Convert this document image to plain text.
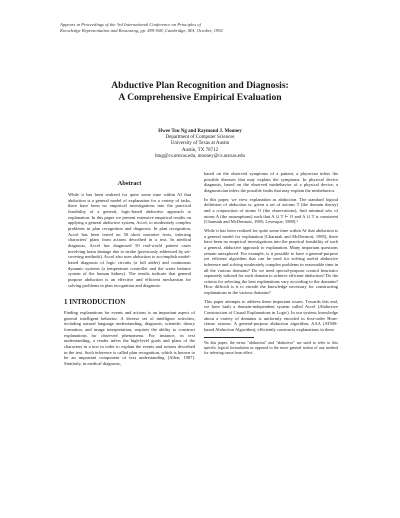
Appears in Proceedings of the 3rd International Conference on Principles of
Knowledge Representation and Reasoning, pp. 499-508, Cambridge, MA, October, 1992
Abductive Plan Recognition and Diagnosis:
A Comprehensive Empirical Evaluation
Hwee Tou Ng and Raymond J. Mooney
Department of Computer Sciences
University of Texas at Austin
Austin, TX 78712
htng@cs.utexas.edu, mooney@cs.utexas.edu
Abstract
While it has been realized for quite some time within AI that abduction is a general model of explanation for a variety of tasks, there have been no empirical investigations into the practical feasibility of a general, logic-based abductive approach to explanation. In this paper we present extensive empirical results on applying a general abductive system, Accel, to moderately complex problems in plan recognition and diagnosis. In plan recognition, Accel has been tested on 50 short narrative texts, inferring characters' plans from actions described in a text. In medical diagnosis, Accel has diagnosed 50 real-world patient cases involving brain damage due to stroke (previously addressed by set-covering methods). Accel also uses abduction to accomplish model-based diagnosis of logic circuits (a full adder) and continuous dynamic systems (a temperature controller and the water balance system of the human kidney). The results indicate that general purpose abduction is an effective and efficient mechanism for solving problems in plan recognition and diagnosis.
1 INTRODUCTION

Finding explanations for events and actions is an important aspect of general intelligent behavior. A diverse set of intelligent activities, including natural language understanding, diagnosis, scientific theory formation, and image interpretation, requires the ability to construct explanations for observed phenomena. For instance, in text understanding, a reader infers the high-level goals and plans of the characters in a text in order to explain the events and actions described in the text. Such inference is called plan recognition, which is known to be an important component of text understanding [Allen, 1987]. Similarly, in medical diagnosis,

based on the observed symptoms of a patient, a physician infers the possible diseases that may explain the symptoms. In physical device diagnosis, based on the observed misbehavior of a physical device, a diagnostician infers the possible faults that may explain the misbehavior.

In this paper, we view explanation as abduction. The standard logical definition of abduction is: given a set of axioms T (the domain theory) and a conjunction of atoms O (the observations), find minimal sets of atoms A (the assumptions) such that A ∪ T ⊢ O and A ∪ T is consistent [Charniak and McDermott, 1985; Levesque, 1989].¹

While it has been realized for quite some time within AI that abduction is a general model for explanation [Charniak and McDermott, 1985], there have been no empirical investigations into the practical feasibility of such a general, abductive approach to explanation. Many important questions remain unexplored. For example, is it possible to have a general-purpose yet efficient algorithm that can be used for solving useful abductive inference and solving moderately complex problems in reasonable time in all the various domains? Do we need special-purpose control heuristics separately tailored for each domain to achieve efficient abduction? Do the criteria for selecting the best explanations vary according to the domains? How difficult is it to encode the knowledge necessary for constructing explanations in the various domains?

This paper attempts to address these important issues. Towards this end, we have built a domain-independent system called Accel (Abductive Construction of Causal Explanations in Logic). In our system, knowledge about a variety of domains is uniformly encoded in first-order Horn-clause axioms. A general-purpose abduction algorithm, AAA (ATMS-based Abduction Algorithm), efficiently constructs explanations in these

¹In this paper, the terms "abduction" and "abductive" are used to refer to this specific logical formulation as opposed to the more general notion of any method for inferring cause from effect.
